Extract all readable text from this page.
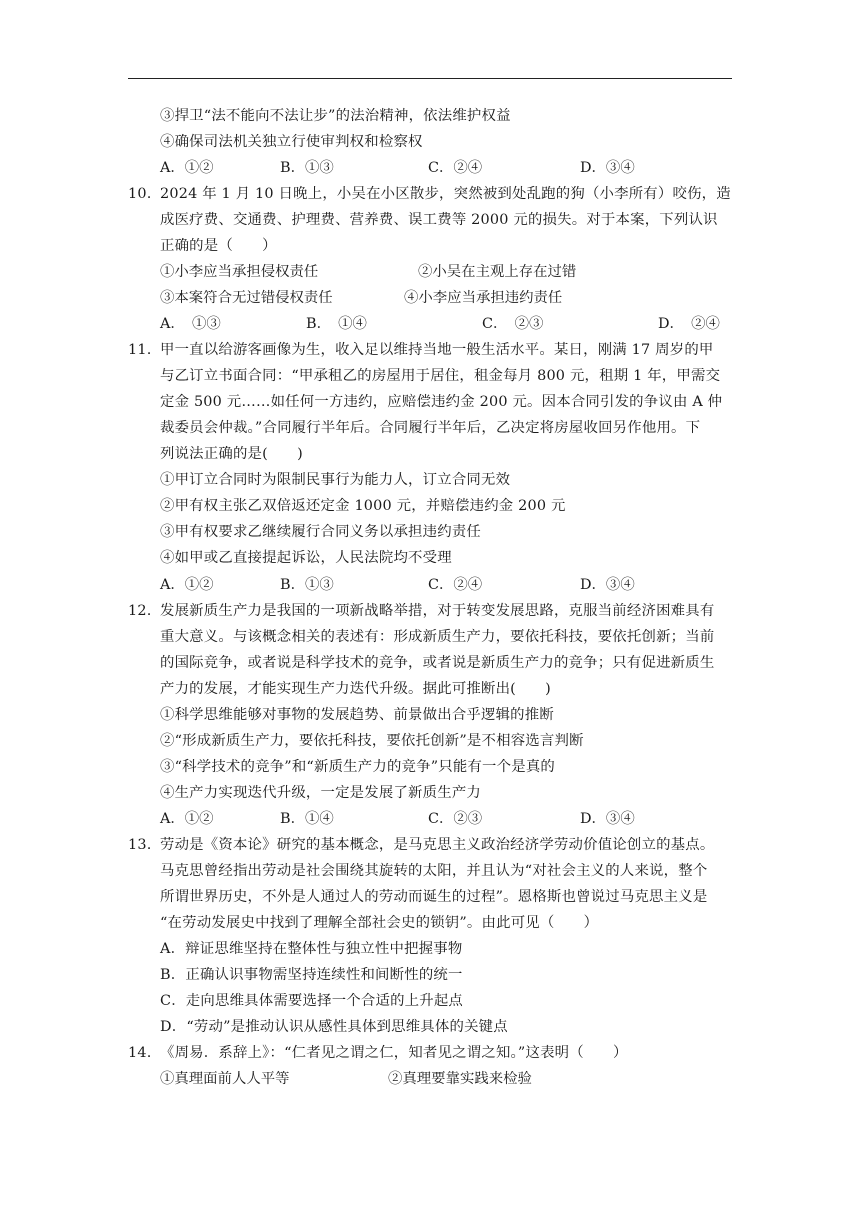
③捍卫“法不能向不法让步”的法治精神，依法维护权益
④确保司法机关独立行使审判权和检察权
A．①②	B．①③	C．②④	D．③④
10. 2024 年 1 月 10 日晚上，小吴在小区散步，突然被到处乱跑的狗（小李所有）咬伤，造
成医疗费、交通费、护理费、营养费、误工费等 2000 元的损失。对于本案，下列认识
正确的是（　　）
①小李应当承担侵权责任	②小吴在主观上存在过错
③本案符合无过错侵权责任	④小李应当承担违约责任
A．　①③	B．　①④	C．　②③	D．　②④
11. 甲一直以给游客画像为生，收入足以维持当地一般生活水平。某日，刚满 17 周岁的甲
与乙订立书面合同：“甲承租乙的房屋用于居住，租金每月 800 元，租期 1 年，甲需交
定金 500 元……如任何一方违约，应赔偿违约金 200 元。因本合同引发的争议由 A 仲
裁委员会仲裁。”合同履行半年后。合同履行半年后，乙决定将房屋收回另作他用。下
列说法正确的是(　　)
①甲订立合同时为限制民事行为能力人，订立合同无效
②甲有权主张乙双倍返还定金 1000 元，并赔偿违约金 200 元
③甲有权要求乙继续履行合同义务以承担违约责任
④如甲或乙直接提起诉讼，人民法院均不受理
A．①②	B．①③	C．②④	D．③④
12. 发展新质生产力是我国的一项新战略举措，对于转变发展思路，克服当前经济困难具有
重大意义。与该概念相关的表述有：形成新质生产力，要依托科技，要依托创新；当前
的国际竞争，或者说是科学技术的竞争，或者说是新质生产力的竞争；只有促进新质生
产力的发展，才能实现生产力迭代升级。据此可推断出(　　)
①科学思维能够对事物的发展趋势、前景做出合乎逻辑的推断
②“形成新质生产力，要依托科技，要依托创新”是不相容选言判断
③“科学技术的竞争”和“新质生产力的竞争”只能有一个是真的
④生产力实现迭代升级，一定是发展了新质生产力
A．①②	B．①④	C．②③	D．③④
13. 劳动是《资本论》研究的基本概念，是马克思主义政治经济学劳动价值论创立的基点。
马克思曾经指出劳动是社会围绕其旋转的太阳，并且认为“对社会主义的人来说，整个
所谓世界历史，不外是人通过人的劳动而诞生的过程”。恩格斯也曾说过马克思主义是
“在劳动发展史中找到了理解全部社会史的锁钥”。由此可见（　　）
A．辩证思维坚持在整体性与独立性中把握事物
B．正确认识事物需坚持连续性和间断性的统一
C．走向思维具体需要选择一个合适的上升起点
D．“劳动”是推动认识从感性具体到思维具体的关键点
14. 《周易．系辞上》：“仁者见之谓之仁，知者见之谓之知。”这表明（　　）
①真理面前人人平等	②真理要靠实践来检验
